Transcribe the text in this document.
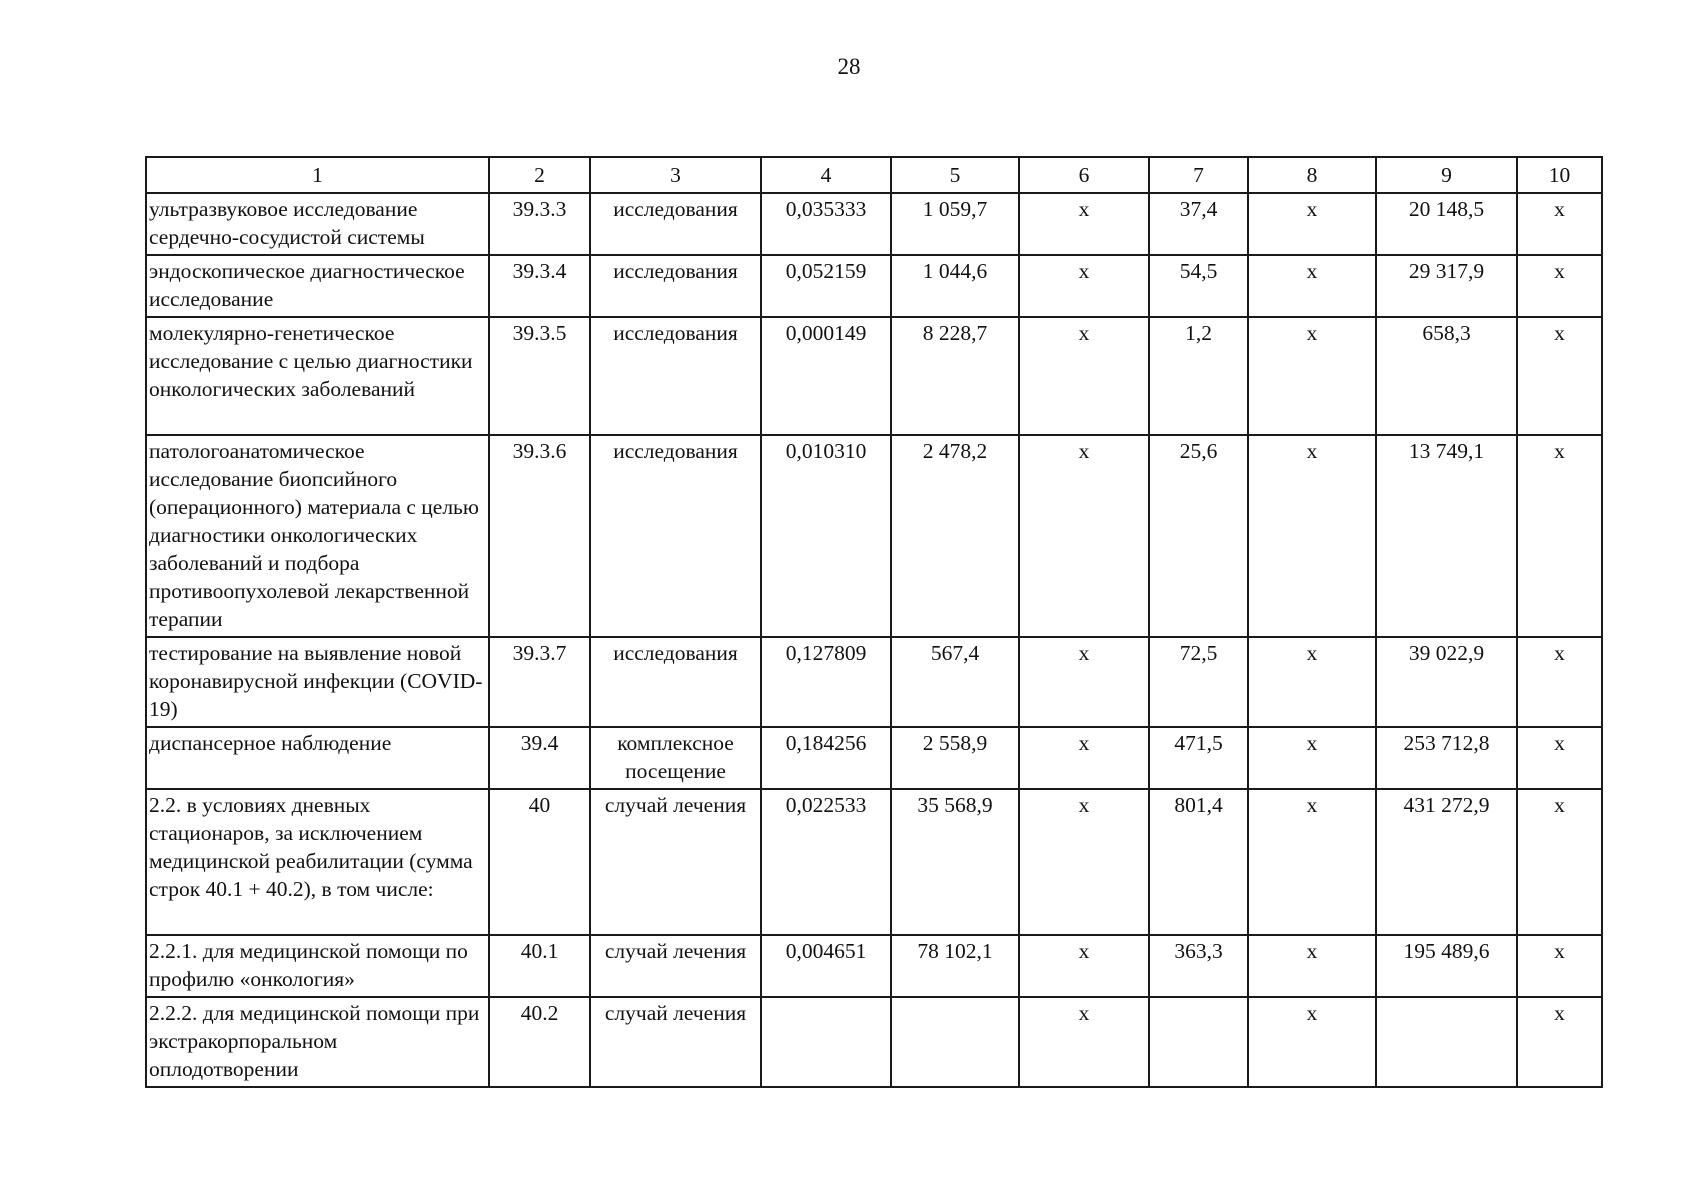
28
1	2	3	4	5	6	7	8	9	10
ультразвуковое исследование сердечно-сосудистой системы	39.3.3	исследования	0,035333	1 059,7	х	37,4	х	20 148,5	х
эндоскопическое диагностическое исследование	39.3.4	исследования	0,052159	1 044,6	х	54,5	х	29 317,9	х
молекулярно-генетическое исследование с целью диагностики онкологических заболеваний	39.3.5	исследования	0,000149	8 228,7	х	1,2	х	658,3	х
патологоанатомическое исследование биопсийного (операционного) материала с целью диагностики онкологических заболеваний и подбора противоопухолевой лекарственной терапии	39.3.6	исследования	0,010310	2 478,2	х	25,6	х	13 749,1	х
тестирование на выявление новой коронавирусной инфекции (COVID-19)	39.3.7	исследования	0,127809	567,4	х	72,5	х	39 022,9	х
диспансерное наблюдение	39.4	комплексное посещение	0,184256	2 558,9	х	471,5	х	253 712,8	х
2.2. в условиях дневных стационаров, за исключением медицинской реабилитации (сумма строк 40.1 + 40.2), в том числе:	40	случай лечения	0,022533	35 568,9	х	801,4	х	431 272,9	х
2.2.1. для медицинской помощи по профилю «онкология»	40.1	случай лечения	0,004651	78 102,1	х	363,3	х	195 489,6	х
2.2.2. для медицинской помощи при экстракорпоральном оплодотворении	40.2	случай лечения			х		х		х
